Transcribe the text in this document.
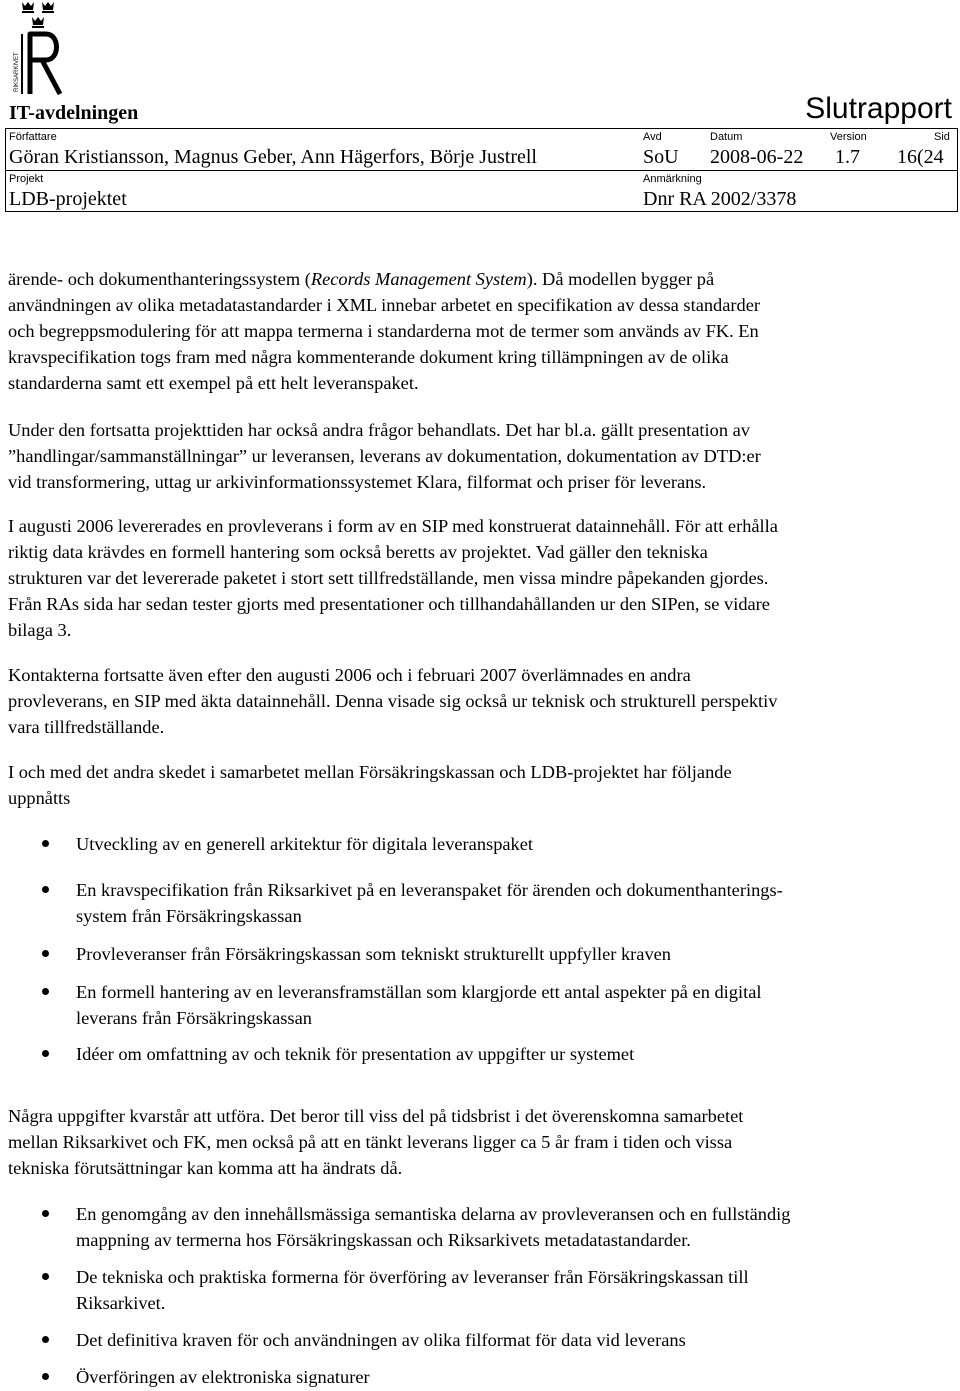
RIKSARKIVET
IT-avdelningen	Slutrapport
Författare
Göran Kristiansson, Magnus Geber, Ann Hägerfors, Börje Justrell
Avd
SoU
Datum
2008-06-22
Version
1.7
Sid
16(24
Projekt
LDB-projektet
Anmärkning
Dnr RA 2002/3378
ärende- och dokumenthanteringssystem (Records Management System). Då modellen bygger på
användningen av olika metadatastandarder i XML innebar arbetet en specifikation av dessa standarder
och begreppsmodulering för att mappa termerna i standarderna mot de termer som används av FK. En
kravspecifikation togs fram med några kommenterande dokument kring tillämpningen av de olika
standarderna samt ett exempel på ett helt leveranspaket.
Under den fortsatta projekttiden har också andra frågor behandlats. Det har bl.a. gällt presentation av
”handlingar/sammanställningar” ur leveransen, leverans av dokumentation, dokumentation av DTD:er
vid transformering, uttag ur arkivinformationssystemet Klara, filformat och priser för leverans.
I augusti 2006 levererades en provleverans i form av en SIP med konstruerat datainnehåll. För att erhålla
riktig data krävdes en formell hantering som också beretts av projektet. Vad gäller den tekniska
strukturen var det levererade paketet i stort sett tillfredställande, men vissa mindre påpekanden gjordes.
Från RAs sida har sedan tester gjorts med presentationer och tillhandahållanden ur den SIPen, se vidare
bilaga 3.
Kontakterna fortsatte även efter den augusti 2006 och i februari 2007 överlämnades en andra
provleverans, en SIP med äkta datainnehåll. Denna visade sig också ur teknisk och strukturell perspektiv
vara tillfredställande.
I och med det andra skedet i samarbetet mellan Försäkringskassan och LDB-projektet har följande
uppnåtts
Utveckling av en generell arkitektur för digitala leveranspaket
En kravspecifikation från Riksarkivet på en leveranspaket för ärenden och dokumenthanterings-
system från Försäkringskassan
Provleveranser från Försäkringskassan som tekniskt strukturellt uppfyller kraven
En formell hantering av en leveransframställan som klargjorde ett antal aspekter på en digital
leverans från Försäkringskassan
Idéer om omfattning av och teknik för presentation av uppgifter ur systemet
Några uppgifter kvarstår att utföra. Det beror till viss del på tidsbrist i det överenskomna samarbetet
mellan Riksarkivet och FK, men också på att en tänkt leverans ligger ca 5 år fram i tiden och vissa
tekniska förutsättningar kan komma att ha ändrats då.
En genomgång av den innehållsmässiga semantiska delarna av provleveransen och en fullständig
mappning av termerna hos Försäkringskassan och Riksarkivets metadatastandarder.
De tekniska och praktiska formerna för överföring av leveranser från Försäkringskassan till
Riksarkivet.
Det definitiva kraven för och användningen av olika filformat för data vid leverans
Överföringen av elektroniska signaturer
